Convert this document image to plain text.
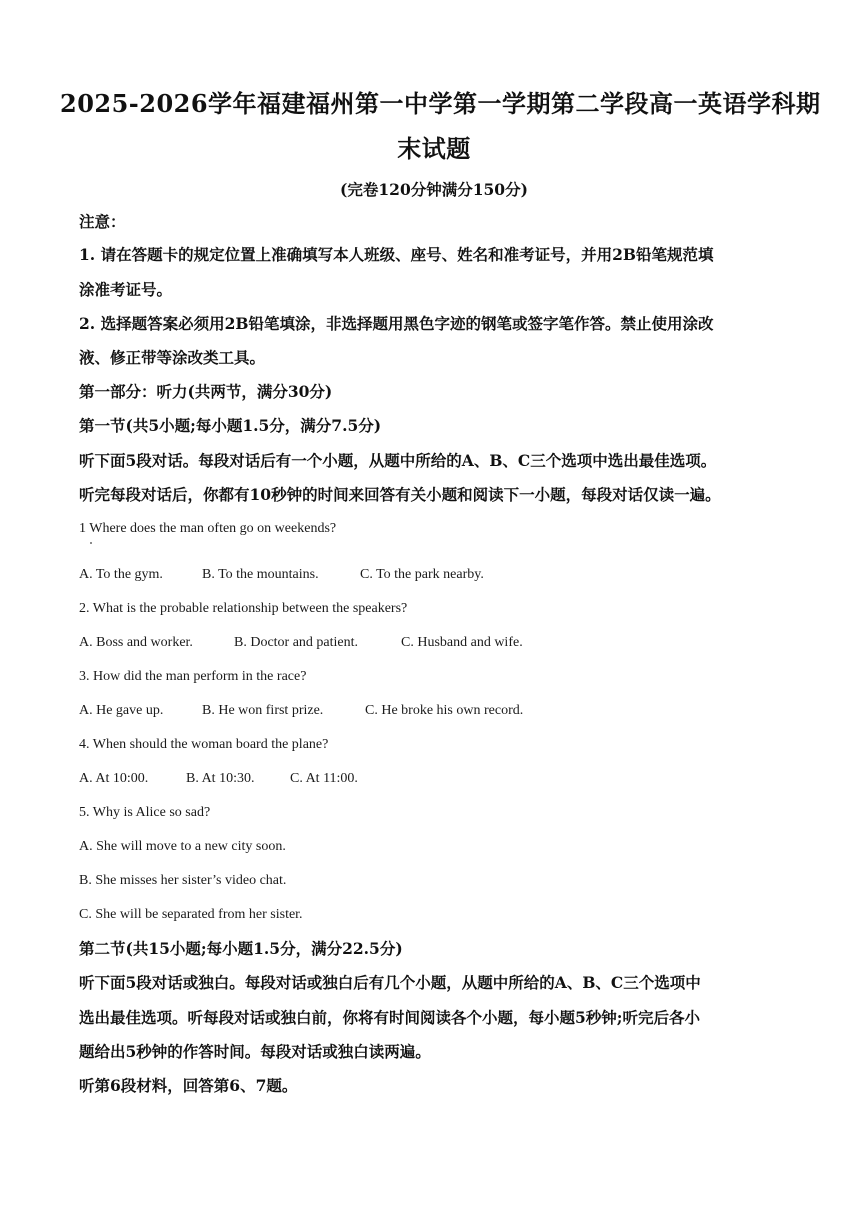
2025-2026学年福建福州第一中学第一学期第二学段高一英语学科期
末试题
(完卷120分钟满分150分)
注意：
1. 请在答题卡的规定位置上准确填写本人班级、座号、姓名和准考证号，并用2B铅笔规范填
涂准考证号。
2. 选择题答案必须用2B铅笔填涂，非选择题用黑色字迹的钢笔或签字笔作答。禁止使用涂改
液、修正带等涂改类工具。
第一部分：听力(共两节，满分30分)
第一节(共5小题;每小题1.5分，满分7.5分)
听下面5段对话。每段对话后有一个小题，从题中所给的A、B、C三个选项中选出最佳选项。
听完每段对话后，你都有10秒钟的时间来回答有关小题和阅读下一小题，每段对话仅读一遍。
1 Where does the man often go on weekends?
A. To the gym.	B. To the mountains.	C. To the park nearby.
2. What is the probable relationship between the speakers?
A. Boss and worker.	B. Doctor and patient.	C. Husband and wife.
3. How did the man perform in the race?
A. He gave up.	B. He won first prize.	C. He broke his own record.
4. When should the woman board the plane?
A. At 10:00.	B. At 10:30.	C. At 11:00.
5. Why is Alice so sad?
A. She will move to a new city soon.
B. She misses her sister’s video chat.
C. She will be separated from her sister.
第二节(共15小题;每小题1.5分，满分22.5分)
听下面5段对话或独白。每段对话或独白后有几个小题，从题中所给的A、B、C三个选项中
选出最佳选项。听每段对话或独白前，你将有时间阅读各个小题，每小题5秒钟;听完后各小
题给出5秒钟的作答时间。每段对话或独白读两遍。
听第6段材料，回答第6、7题。
